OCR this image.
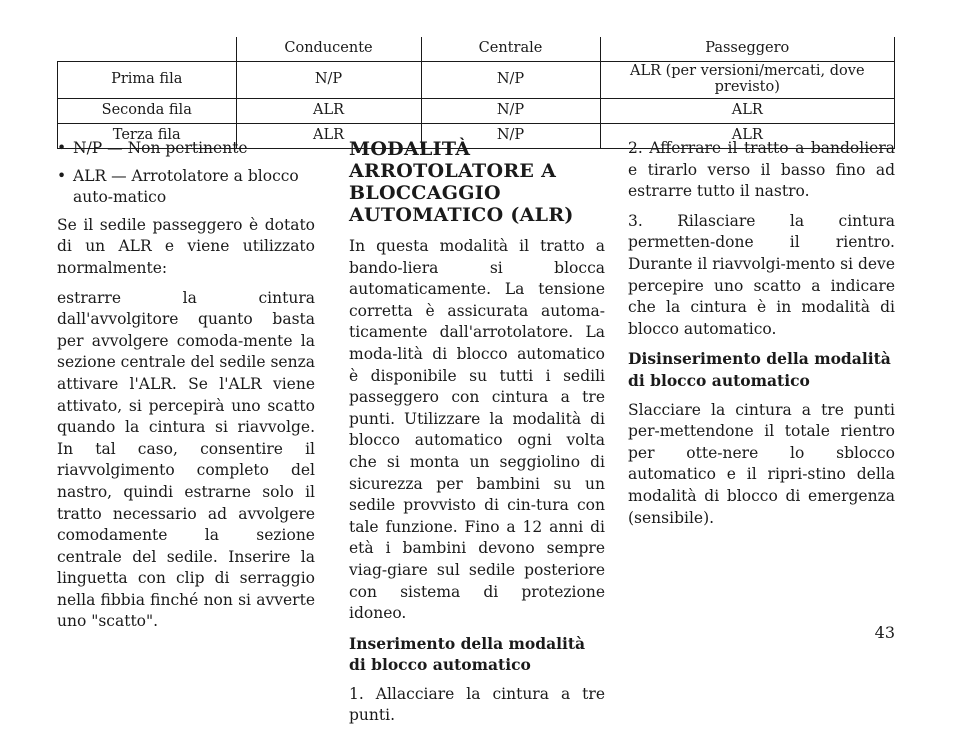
	Conducente	Centrale	Passeggero
Prima fila	N/P	N/P	ALR (per versioni/mercati, dove previsto)
Seconda fila	ALR	N/P	ALR
Terza fila	ALR	N/P	ALR
• N/P — Non pertinente
• ALR — Arrotolatore a blocco auto-matico

Se il sedile passeggero è dotato di un ALR e viene utilizzato normalmente:

estrarre la cintura dall'avvolgitore quanto basta per avvolgere comoda-mente la sezione centrale del sedile senza attivare l'ALR. Se l'ALR viene attivato, si percepirà uno scatto quando la cintura si riavvolge. In tal caso, consentire il riavvolgimento completo del nastro, quindi estrarne solo il tratto necessario ad avvolgere comodamente la sezione centrale del sedile. Inserire la linguetta con clip di serraggio nella fibbia finché non si avverte uno "scatto".

MODALITÀ ARROTOLATORE A BLOCCAGGIO AUTOMATICO (ALR)

In questa modalità il tratto a bando-liera si blocca automaticamente. La tensione corretta è assicurata automa-ticamente dall'arrotolatore. La moda-lità di blocco automatico è disponibile su tutti i sedili passeggero con cintura a tre punti. Utilizzare la modalità di blocco automatico ogni volta che si monta un seggiolino di sicurezza per bambini su un sedile provvisto di cin-tura con tale funzione. Fino a 12 anni di età i bambini devono sempre viag-giare sul sedile posteriore con sistema di protezione idoneo.

Inserimento della modalità di blocco automatico

1. Allacciare la cintura a tre punti.

2. Afferrare il tratto a bandoliera e tirarlo verso il basso fino ad estrarre tutto il nastro.

3. Rilasciare la cintura permetten-done il rientro. Durante il riavvolgi-mento si deve percepire uno scatto a indicare che la cintura è in modalità di blocco automatico.

Disinserimento della modalità di blocco automatico

Slacciare la cintura a tre punti per-mettendone il totale rientro per otte-nere lo sblocco automatico e il ripri-stino della modalità di blocco di emergenza (sensibile).

43
